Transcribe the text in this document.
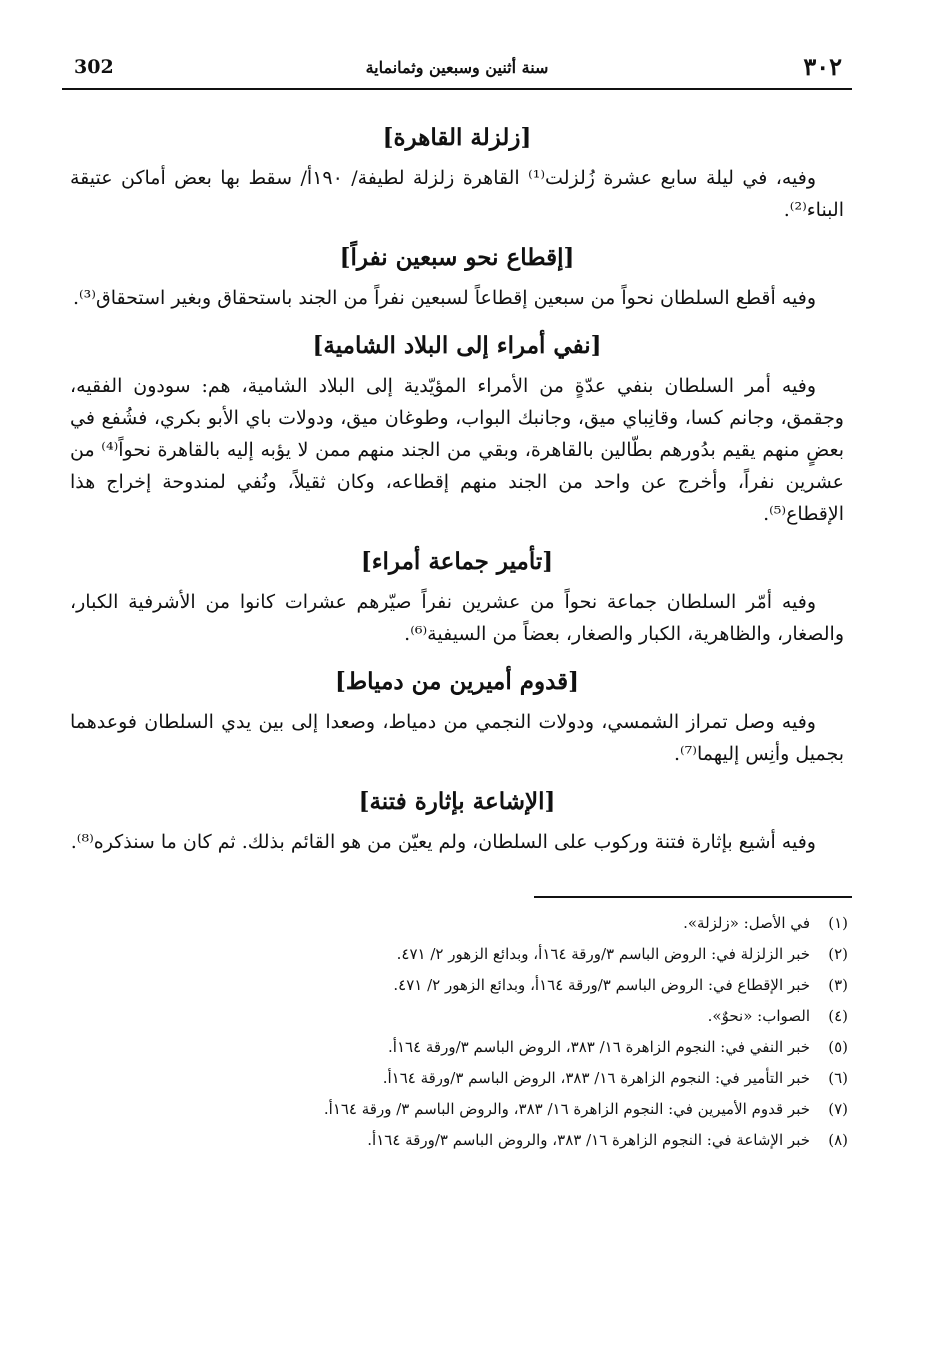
٣٠٢
سنة أثنين وسبعين وثمانماية
302
[زلزلة القاهرة]

وفيه، في ليلة سابع عشرة زُلزلت⁽¹⁾ القاهرة زلزلة لطيفة/ ١٩٠أ/ سقط بها بعض أماكن عتيقة البناء⁽²⁾.

[إقطاع نحو سبعين نفراً]

وفيه أقطع السلطان نحواً من سبعين إقطاعاً لسبعين نفراً من الجند باستحقاق وبغير استحقاق⁽³⁾.

[نفي أمراء إلى البلاد الشامية]

وفيه أمر السلطان بنفي عدّةٍ من الأمراء المؤيّدية إلى البلاد الشامية، هم: سودون الفقيه، وجقمق، وجانم كسا، وقانِباي ميق، وجانبك البواب، وطوغان ميق، ودولات باي الأبو بكري، فشُفع في بعضٍ منهم يقيم بدُورهم بطّالين بالقاهرة، وبقي من الجند منهم ممن لا يؤبه إليه بالقاهرة نحواً⁽⁴⁾ من عشرين نفراً، وأخرج عن واحد من الجند منهم إقطاعه، وكان ثقيلاً، ونُفي لمندوحة إخراج هذا الإقطاع⁽⁵⁾.

[تأمير جماعة أمراء]

وفيه أمّر السلطان جماعة نحواً من عشرين نفراً صيّرهم عشرات كانوا من الأشرفية الكبار، والصغار، والظاهرية، الكبار والصغار، بعضاً من السيفية⁽⁶⁾.

[قدوم أميرين من دمياط]

وفيه وصل تمراز الشمسي، ودولات النجمي من دمياط، وصعدا إلى بين يدي السلطان فوعدهما بجميل وأنِس إليهما⁽⁷⁾.

[الإشاعة بإثارة فتنة]

وفيه أشيع بإثارة فتنة وركوب على السلطان، ولم يعيّن من هو القائم بذلك. ثم كان ما سنذكره⁽⁸⁾.

(١)في الأصل: «زلزلة».
(٢)خبر الزلزلة في: الروض الباسم ٣/ورقة ١٦٤أ، وبدائع الزهور ٢/ ٤٧١.
(٣)خبر الإقطاع في: الروض الباسم ٣/ورقة ١٦٤أ، وبدائع الزهور ٢/ ٤٧١.
(٤)الصواب: «نحوٌ».
(٥)خبر النفي في: النجوم الزاهرة ١٦/ ٣٨٣، الروض الباسم ٣/ورقة ١٦٤أ.
(٦)خبر التأمير في: النجوم الزاهرة ١٦/ ٣٨٣، الروض الباسم ٣/ورقة ١٦٤أ.
(٧)خبر قدوم الأميرين في: النجوم الزاهرة ١٦/ ٣٨٣، والروض الباسم ٣/ ورقة ١٦٤أ.
(٨)خبر الإشاعة في: النجوم الزاهرة ١٦/ ٣٨٣، والروض الباسم ٣/ورقة ١٦٤أ.
